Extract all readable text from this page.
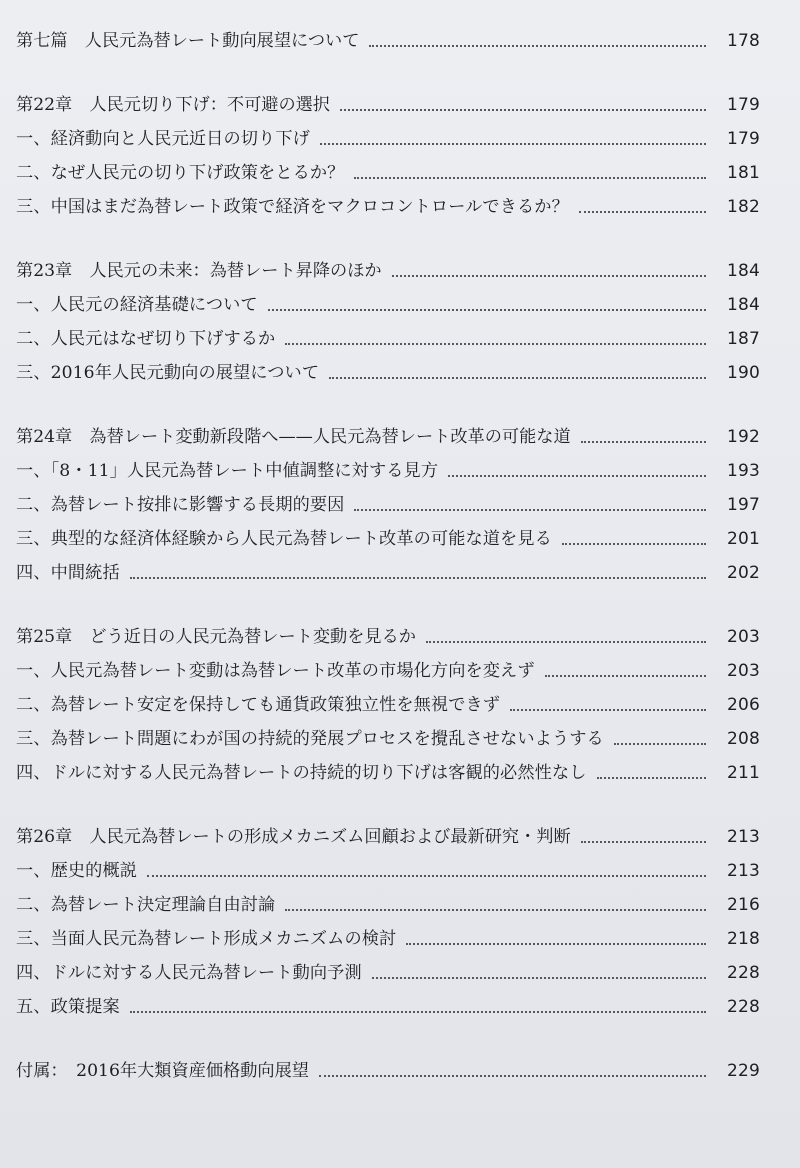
第七篇　人民元為替レート動向展望について	178
第22章　人民元切り下げ：不可避の選択	179
一、経済動向と人民元近日の切り下げ	179
二、なぜ人民元の切り下げ政策をとるか？	181
三、中国はまだ為替レート政策で経済をマクロコントロールできるか？	182
第23章　人民元の未来：為替レート昇降のほか	184
一、人民元の経済基礎について	184
二、人民元はなぜ切り下げするか	187
三、2016年人民元動向の展望について	190
第24章　為替レート変動新段階へ——人民元為替レート改革の可能な道	192
一、「8・11」人民元為替レート中値調整に対する見方	193
二、為替レート按排に影響する長期的要因	197
三、典型的な経済体経験から人民元為替レート改革の可能な道を見る	201
四、中間統括	202
第25章　どう近日の人民元為替レート変動を見るか	203
一、人民元為替レート変動は為替レート改革の市場化方向を変えず	203
二、為替レート安定を保持しても通貨政策独立性を無視できず	206
三、為替レート問題にわが国の持続的発展プロセスを攪乱させないようする	208
四、ドルに対する人民元為替レートの持続的切り下げは客観的必然性なし	211
第26章　人民元為替レートの形成メカニズム回顧および最新研究・判断	213
一、歴史的概説	213
二、為替レート決定理論自由討論	216
三、当面人民元為替レート形成メカニズムの検討	218
四、ドルに対する人民元為替レート動向予測	228
五、政策提案	228
付属：　2016年大類資産価格動向展望	229
